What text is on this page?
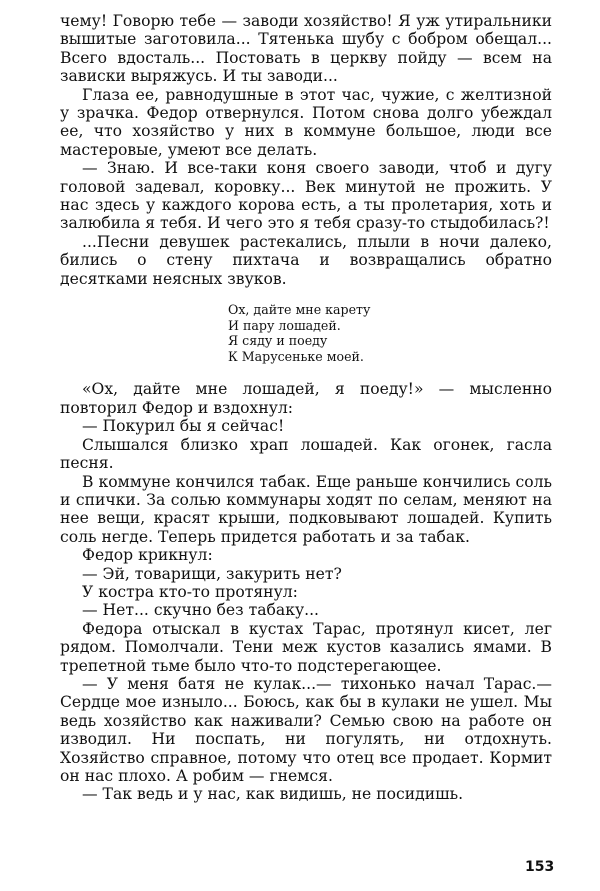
чему! Говорю тебе — заводи хозяйство! Я уж утиральники вышитые заготовила... Тятенька шубу с бобром обещал... Всего вдосталь... Постовать в церкву пойду — всем на зависки выряжусь. И ты заводи...

Глаза ее, равнодушные в этот час, чужие, с желтизной у зрачка. Федор отвернулся. Потом снова долго убеждал ее, что хозяйство у них в коммуне большое, люди все мастеровые, умеют все делать.

— Знаю. И все-таки коня своего заводи, чтоб и дугу головой задевал, коровку... Век минутой не прожить. У нас здесь у каждого корова есть, а ты пролетария, хоть и залюбила я тебя. И чего это я тебя сразу-то стыдобилась?!

...Песни девушек растекались, плыли в ночи далеко, бились о стену пихтача и возвращались обратно десятками неясных звуков.

Ох, дайте мне карету
И пару лошадей.
Я сяду и поеду
К Марусеньке моей.

«Ох, дайте мне лошадей, я поеду!» — мысленно повторил Федор и вздохнул:

— Покурил бы я сейчас!

Слышался близко храп лошадей. Как огонек, гасла песня.

В коммуне кончился табак. Еще раньше кончились соль и спички. За солью коммунары ходят по селам, меняют на нее вещи, красят крыши, подковывают лошадей. Купить соль негде. Теперь придется работать и за табак.

Федор крикнул:

— Эй, товарищи, закурить нет?

У костра кто-то протянул:

— Нет... скучно без табаку...

Федора отыскал в кустах Тарас, протянул кисет, лег рядом. Помолчали. Тени меж кустов казались ямами. В трепетной тьме было что-то подстерегающее.

— У меня батя не кулак...— тихонько начал Тарас.— Сердце мое изныло... Боюсь, как бы в кулаки не ушел. Мы ведь хозяйство как наживали? Семью свою на работе он изводил. Ни поспать, ни погулять, ни отдохнуть. Хозяйство справное, потому что отец все продает. Кормит он нас плохо. А робим — гнемся.

— Так ведь и у нас, как видишь, не посидишь.

153
